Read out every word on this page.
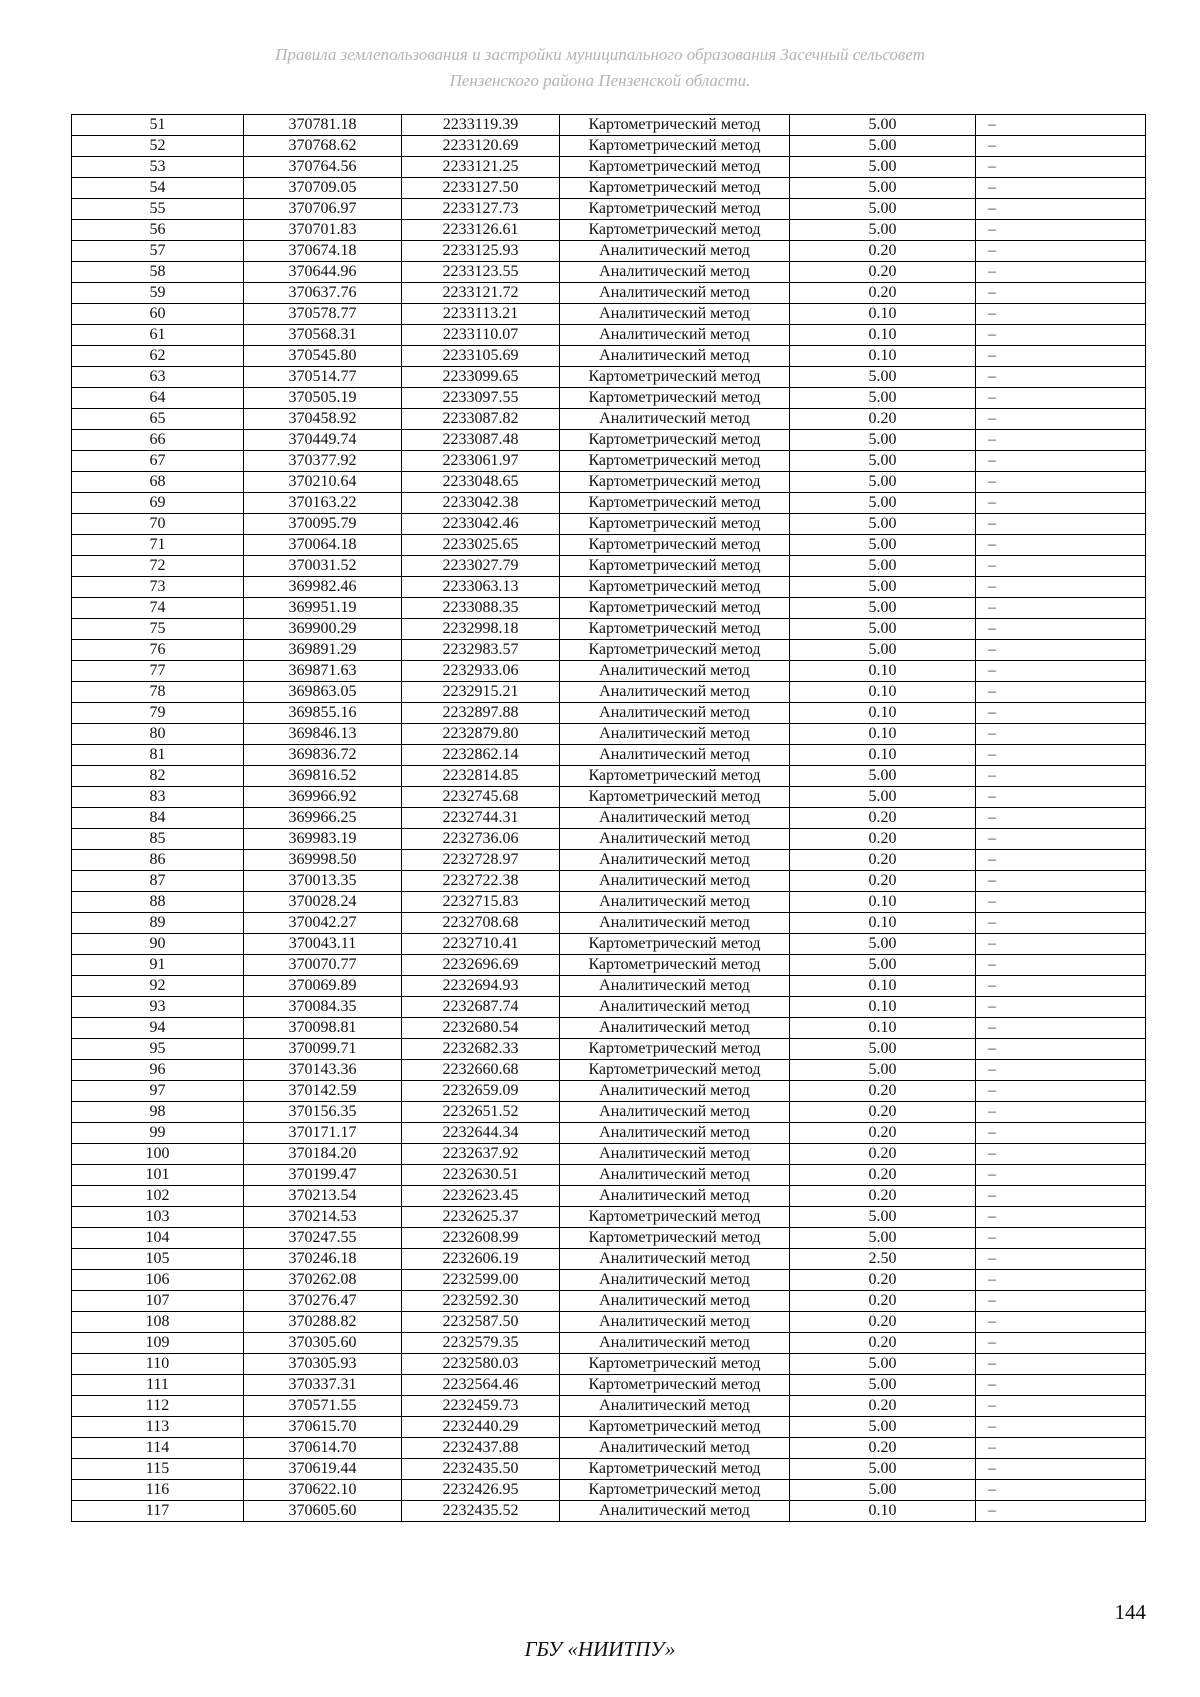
Правила землепользования и застройки муниципального образования Засечный сельсовет
Пензенского района Пензенской области.
51	370781.18	2233119.39	Картометрический метод	5.00	–
52	370768.62	2233120.69	Картометрический метод	5.00	–
53	370764.56	2233121.25	Картометрический метод	5.00	–
54	370709.05	2233127.50	Картометрический метод	5.00	–
55	370706.97	2233127.73	Картометрический метод	5.00	–
56	370701.83	2233126.61	Картометрический метод	5.00	–
57	370674.18	2233125.93	Аналитический метод	0.20	–
58	370644.96	2233123.55	Аналитический метод	0.20	–
59	370637.76	2233121.72	Аналитический метод	0.20	–
60	370578.77	2233113.21	Аналитический метод	0.10	–
61	370568.31	2233110.07	Аналитический метод	0.10	–
62	370545.80	2233105.69	Аналитический метод	0.10	–
63	370514.77	2233099.65	Картометрический метод	5.00	–
64	370505.19	2233097.55	Картометрический метод	5.00	–
65	370458.92	2233087.82	Аналитический метод	0.20	–
66	370449.74	2233087.48	Картометрический метод	5.00	–
67	370377.92	2233061.97	Картометрический метод	5.00	–
68	370210.64	2233048.65	Картометрический метод	5.00	–
69	370163.22	2233042.38	Картометрический метод	5.00	–
70	370095.79	2233042.46	Картометрический метод	5.00	–
71	370064.18	2233025.65	Картометрический метод	5.00	–
72	370031.52	2233027.79	Картометрический метод	5.00	–
73	369982.46	2233063.13	Картометрический метод	5.00	–
74	369951.19	2233088.35	Картометрический метод	5.00	–
75	369900.29	2232998.18	Картометрический метод	5.00	–
76	369891.29	2232983.57	Картометрический метод	5.00	–
77	369871.63	2232933.06	Аналитический метод	0.10	–
78	369863.05	2232915.21	Аналитический метод	0.10	–
79	369855.16	2232897.88	Аналитический метод	0.10	–
80	369846.13	2232879.80	Аналитический метод	0.10	–
81	369836.72	2232862.14	Аналитический метод	0.10	–
82	369816.52	2232814.85	Картометрический метод	5.00	–
83	369966.92	2232745.68	Картометрический метод	5.00	–
84	369966.25	2232744.31	Аналитический метод	0.20	–
85	369983.19	2232736.06	Аналитический метод	0.20	–
86	369998.50	2232728.97	Аналитический метод	0.20	–
87	370013.35	2232722.38	Аналитический метод	0.20	–
88	370028.24	2232715.83	Аналитический метод	0.10	–
89	370042.27	2232708.68	Аналитический метод	0.10	–
90	370043.11	2232710.41	Картометрический метод	5.00	–
91	370070.77	2232696.69	Картометрический метод	5.00	–
92	370069.89	2232694.93	Аналитический метод	0.10	–
93	370084.35	2232687.74	Аналитический метод	0.10	–
94	370098.81	2232680.54	Аналитический метод	0.10	–
95	370099.71	2232682.33	Картометрический метод	5.00	–
96	370143.36	2232660.68	Картометрический метод	5.00	–
97	370142.59	2232659.09	Аналитический метод	0.20	–
98	370156.35	2232651.52	Аналитический метод	0.20	–
99	370171.17	2232644.34	Аналитический метод	0.20	–
100	370184.20	2232637.92	Аналитический метод	0.20	–
101	370199.47	2232630.51	Аналитический метод	0.20	–
102	370213.54	2232623.45	Аналитический метод	0.20	–
103	370214.53	2232625.37	Картометрический метод	5.00	–
104	370247.55	2232608.99	Картометрический метод	5.00	–
105	370246.18	2232606.19	Аналитический метод	2.50	–
106	370262.08	2232599.00	Аналитический метод	0.20	–
107	370276.47	2232592.30	Аналитический метод	0.20	–
108	370288.82	2232587.50	Аналитический метод	0.20	–
109	370305.60	2232579.35	Аналитический метод	0.20	–
110	370305.93	2232580.03	Картометрический метод	5.00	–
111	370337.31	2232564.46	Картометрический метод	5.00	–
112	370571.55	2232459.73	Аналитический метод	0.20	–
113	370615.70	2232440.29	Картометрический метод	5.00	–
114	370614.70	2232437.88	Аналитический метод	0.20	–
115	370619.44	2232435.50	Картометрический метод	5.00	–
116	370622.10	2232426.95	Картометрический метод	5.00	–
117	370605.60	2232435.52	Аналитический метод	0.10	–
144
ГБУ «НИИТПУ»
